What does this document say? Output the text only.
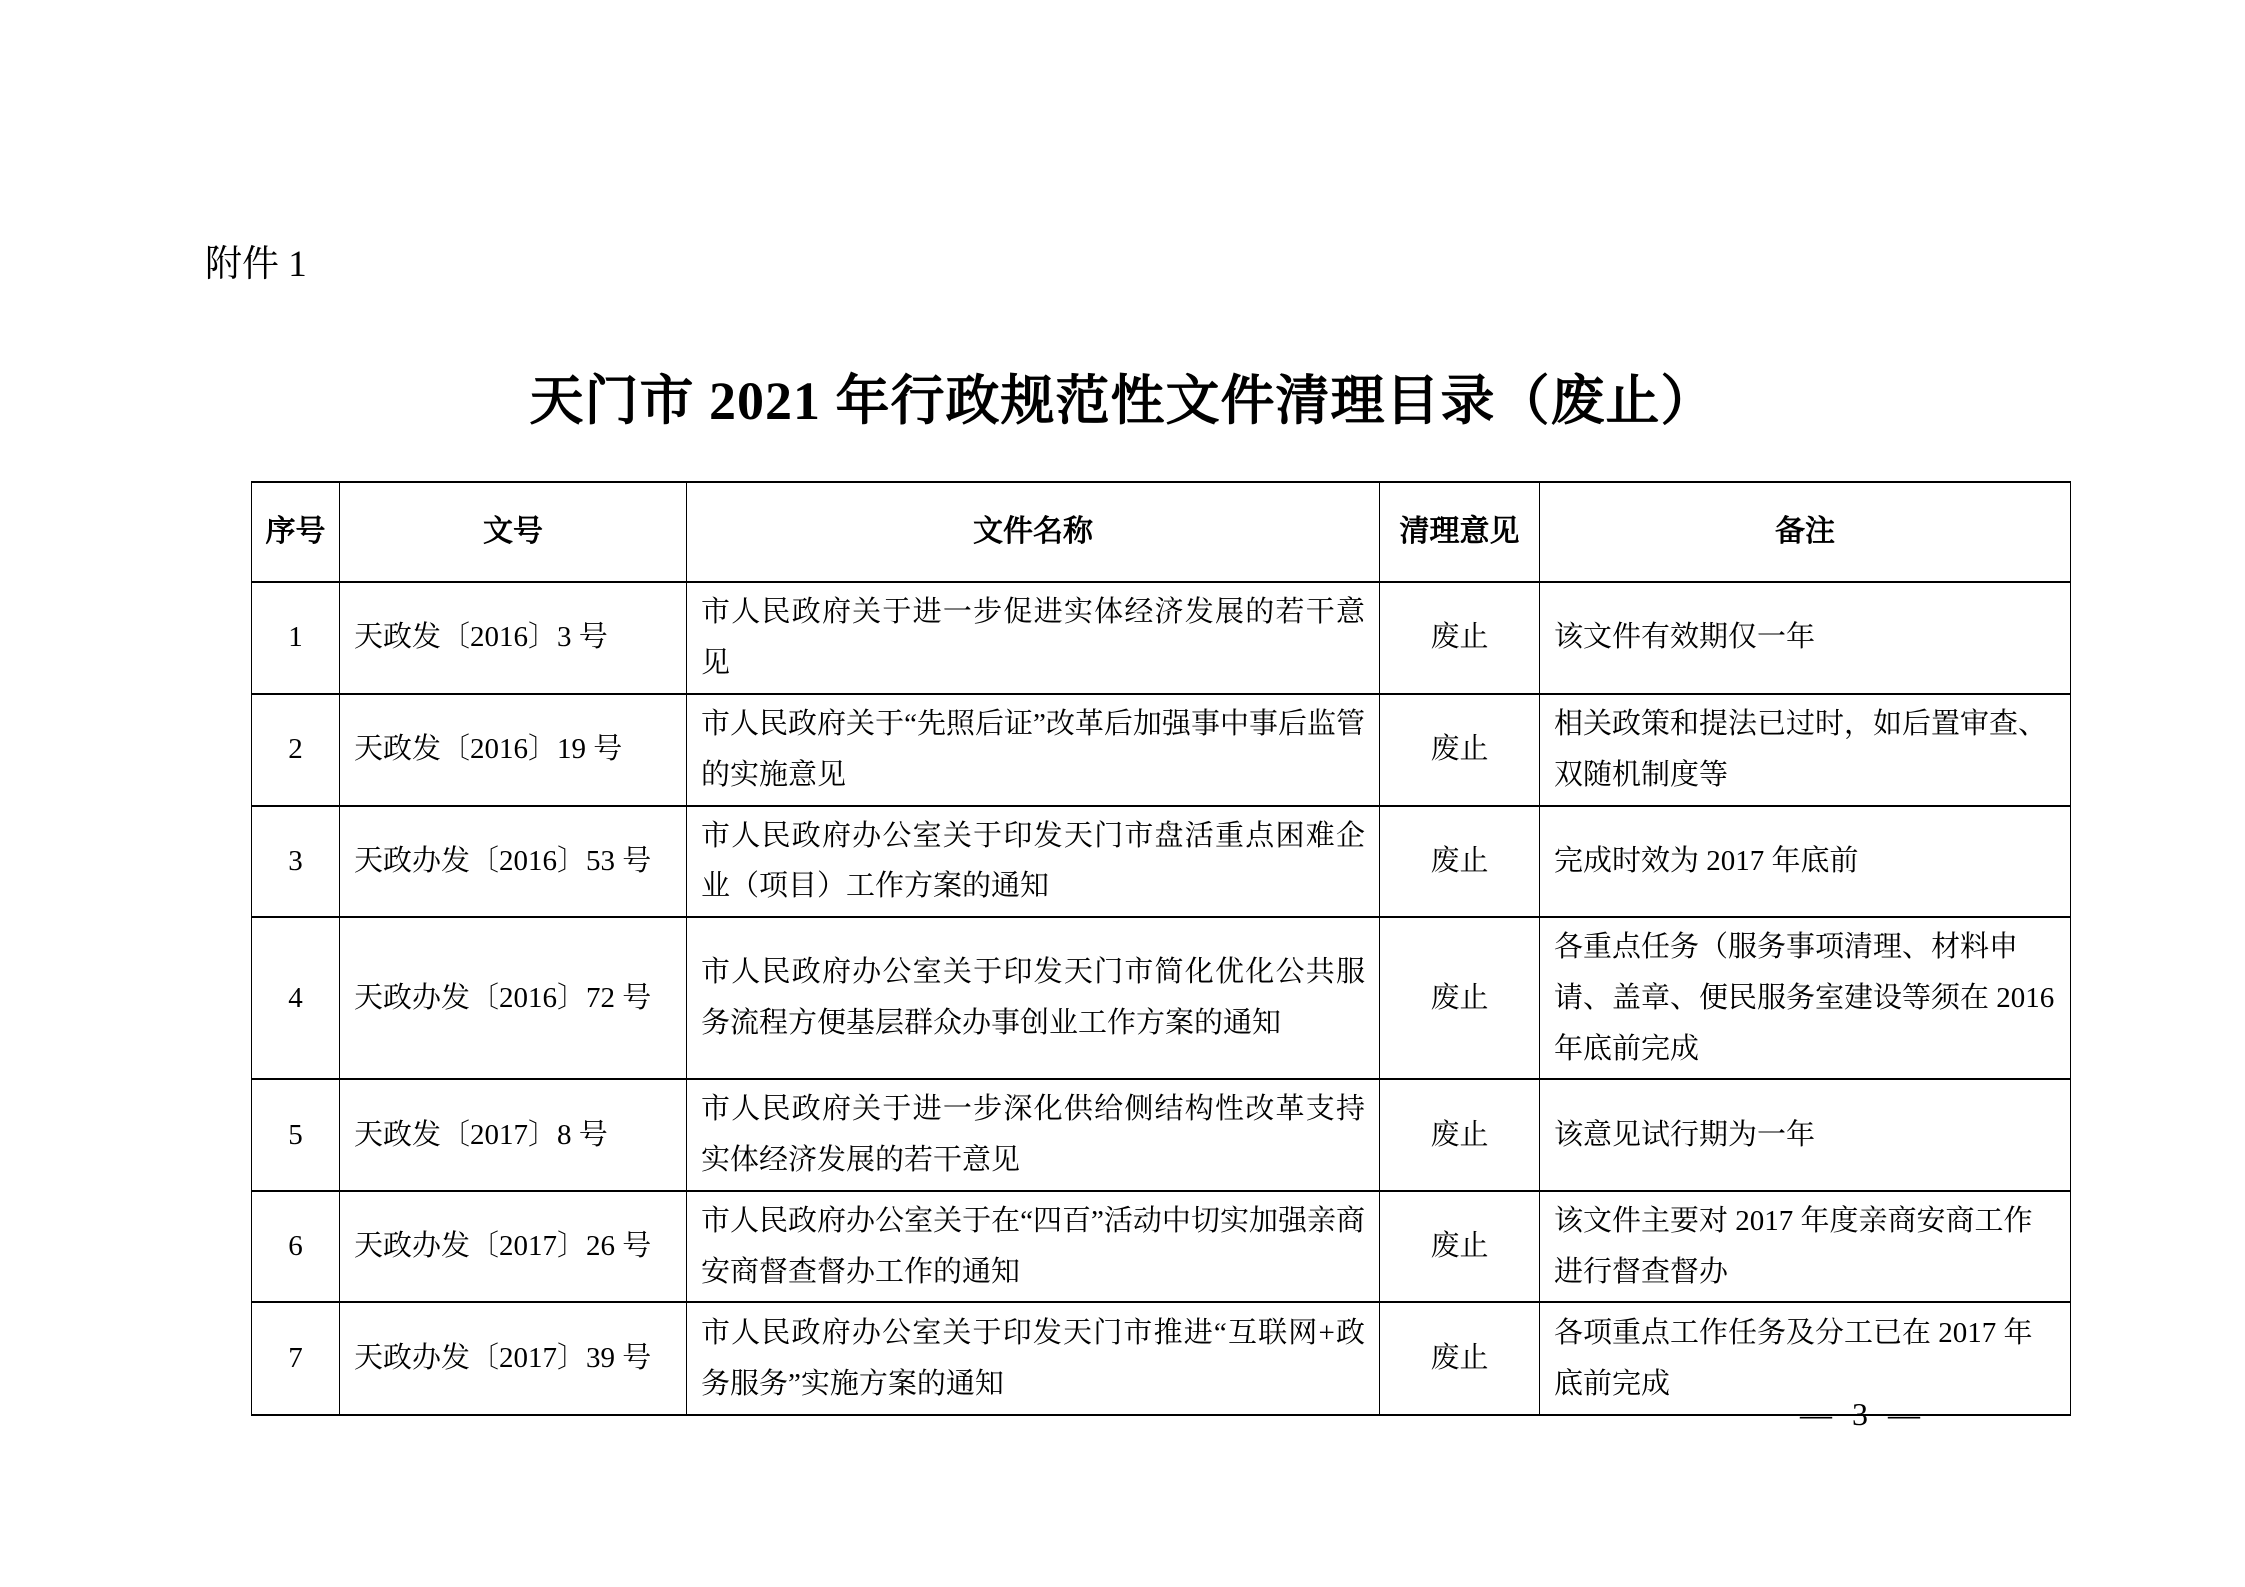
附件 1
天门市 2021 年行政规范性文件清理目录（废止）
序号	文号	文件名称	清理意见	备注
1	天政发〔2016〕3 号	市人民政府关于进一步促进实体经济发展的若干意见	废止	该文件有效期仅一年
2	天政发〔2016〕19 号	市人民政府关于“先照后证”改革后加强事中事后监管的实施意见	废止	相关政策和提法已过时，如后置审查、双随机制度等
3	天政办发〔2016〕53 号	市人民政府办公室关于印发天门市盘活重点困难企业（项目）工作方案的通知	废止	完成时效为 2017 年底前
4	天政办发〔2016〕72 号	市人民政府办公室关于印发天门市简化优化公共服务流程方便基层群众办事创业工作方案的通知	废止	各重点任务（服务事项清理、材料申请、盖章、便民服务室建设等须在 2016 年底前完成
5	天政发〔2017〕8 号	市人民政府关于进一步深化供给侧结构性改革支持实体经济发展的若干意见	废止	该意见试行期为一年
6	天政办发〔2017〕26 号	市人民政府办公室关于在“四百”活动中切实加强亲商安商督查督办工作的通知	废止	该文件主要对 2017 年度亲商安商工作进行督查督办
7	天政办发〔2017〕39 号	市人民政府办公室关于印发天门市推进“互联网+政务服务”实施方案的通知	废止	各项重点工作任务及分工已在 2017 年底前完成
— 3 —
